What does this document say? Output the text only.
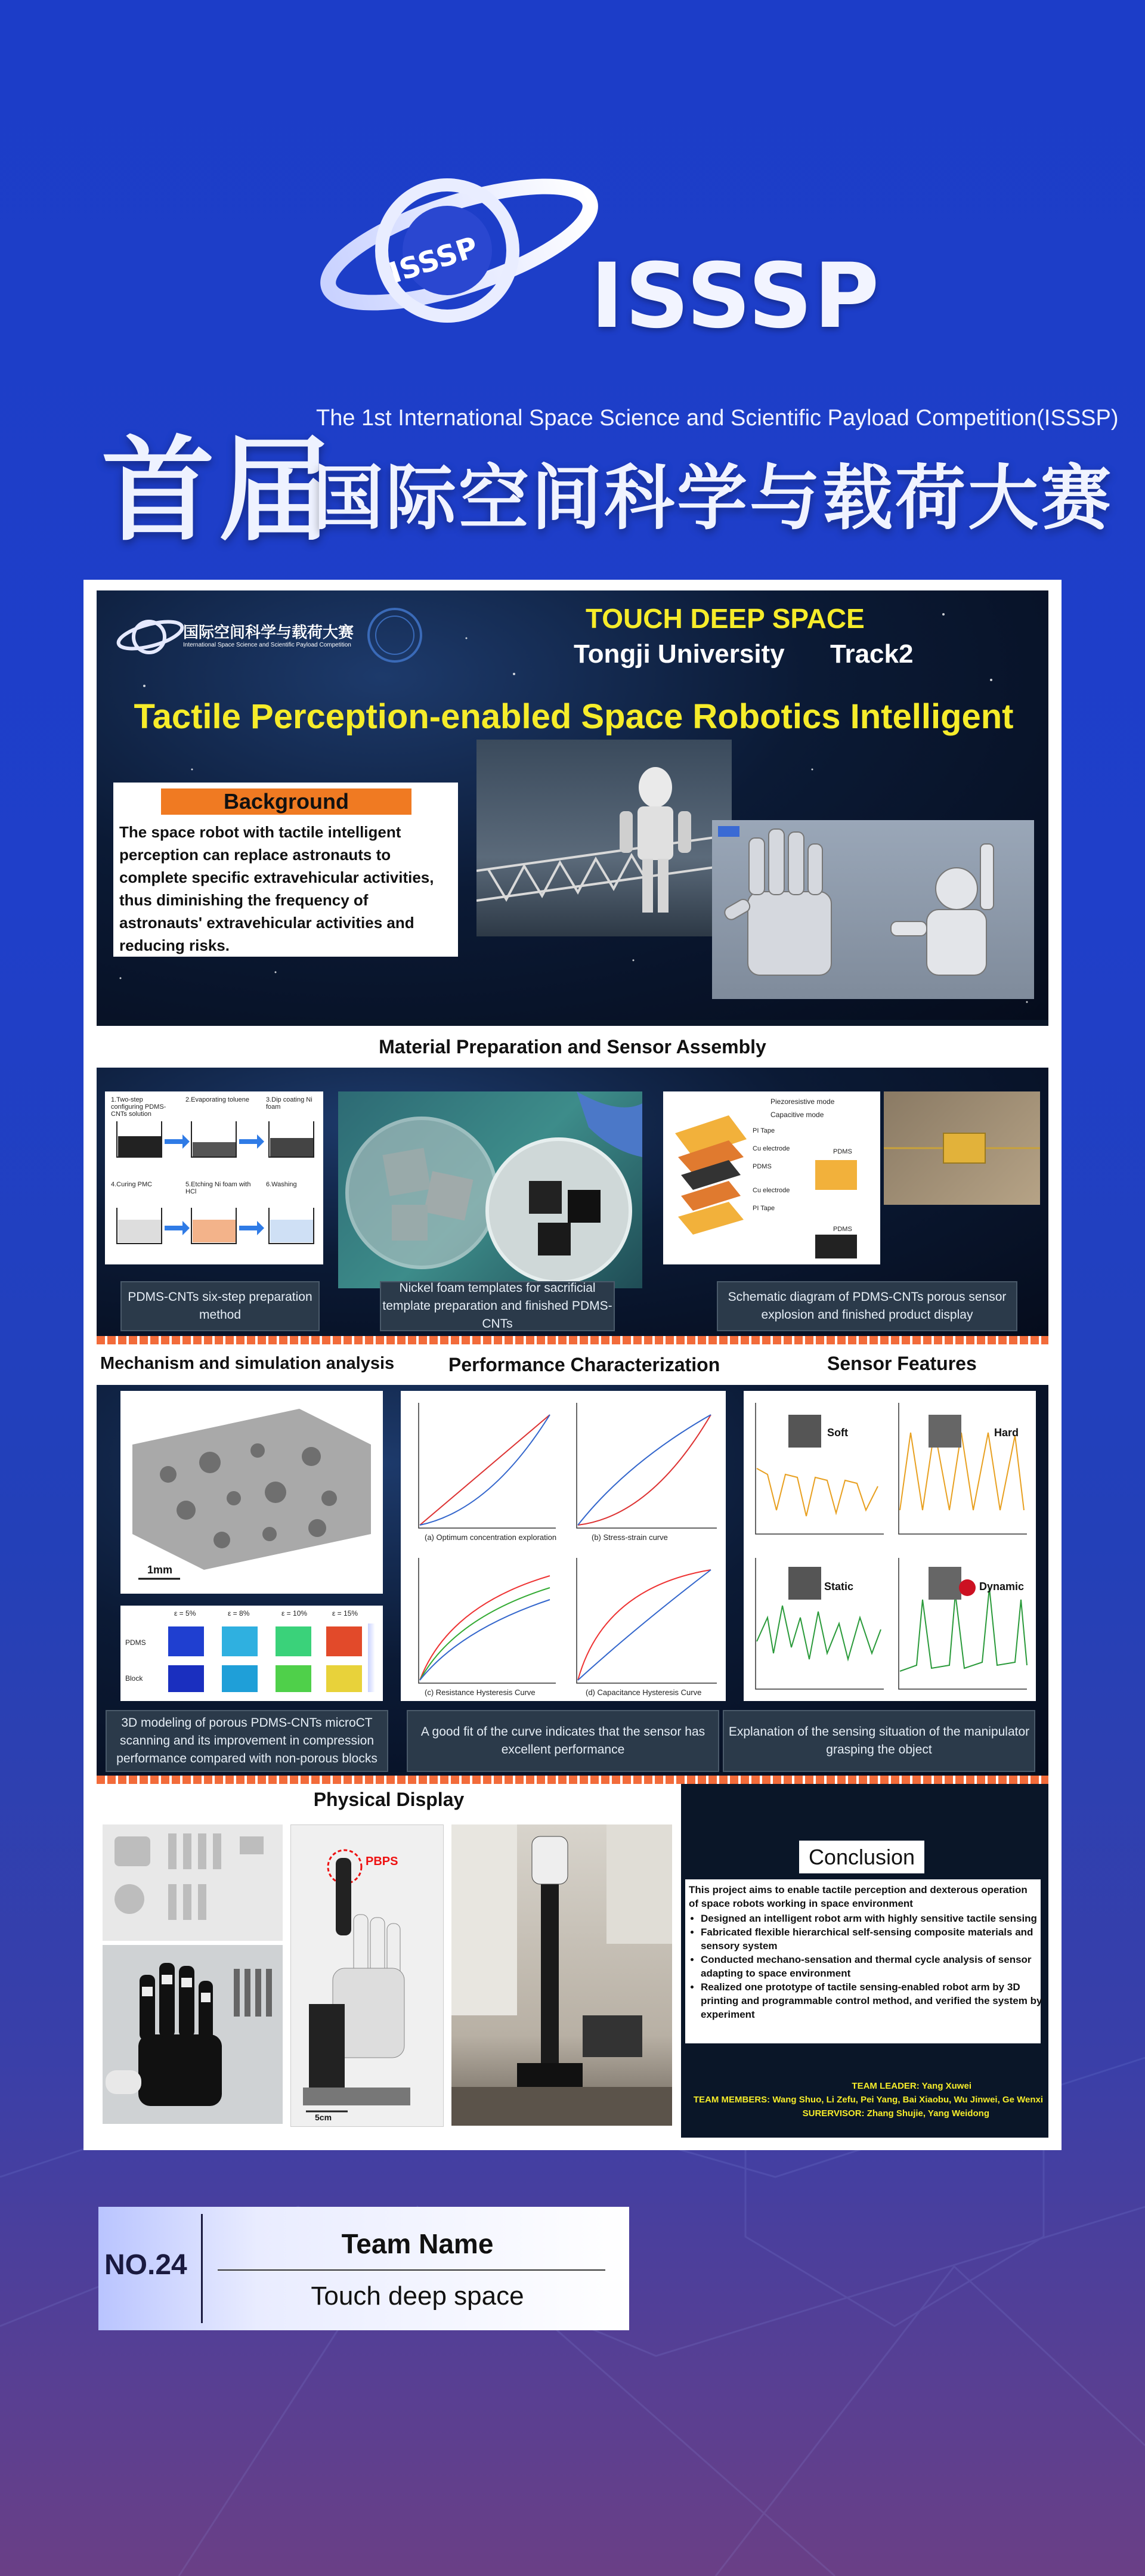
ISSSP ISSSP
首届
The 1st International Space Science and Scientific Payload Competition(ISSSP)
国际空间科学与载荷大赛
国际空间科学与载荷大赛
International Space Science and Scientific Payload Competition
TOUCH DEEP SPACE
Tongji University Track2
Tactile Perception-enabled Space Robotics Intelligent
Background
The space robot with tactile intelligent perception can replace astronauts to complete specific extravehicular activities, thus diminishing the frequency of astronauts' extravehicular activities and reducing risks.
Material Preparation and Sensor Assembly
1.Two-step configuring PDMS-CNTs solution
2.Evaporating toluene	3.Dip coating Ni foam
4.Curing PMC	5.Etching Ni foam with HCl
6.Washing
Piezoresistive mode
Capacitive mode
PI Tape
Cu electrode
PDMS
Cu electrode
PI Tape
PDMS
PDMS
PDMS-CNTs six-step preparation method
Nickel foam templates for sacrificial template preparation and finished PDMS-CNTs
Schematic diagram of PDMS-CNTs porous sensor explosion and finished product display
Mechanism and simulation analysis	Performance Characterization	Sensor Features
1mm
ε = 5%	ε = 8%	ε = 10%	ε = 15%
PDMS
Block
(a) Optimum concentration exploration	(b) Stress-strain curve
(c) Resistance Hysteresis Curve	(d) Capacitance Hysteresis Curve
Soft	Hard
Static	Dynamic
3D modeling of porous PDMS-CNTs microCT scanning and its improvement in compression performance compared with non-porous blocks
A good fit of the curve indicates that the sensor has excellent performance
Explanation of the sensing situation of the manipulator grasping the object
Physical Display
PBPS
5cm
Conclusion
This project aims to enable tactile perception and dexterous operation of space robots working in space environment
• Designed an intelligent robot arm with highly sensitive tactile sensing
• Fabricated flexible hierarchical self-sensing composite materials and sensory system
• Conducted mechano-sensation and thermal cycle analysis of sensor adapting to space environment
• Realized one prototype of tactile sensing-enabled robot arm by 3D printing and programmable control method, and verified the system by experiment
TEAM LEADER: Yang Xuwei
TEAM MEMBERS: Wang Shuo, Li Zefu, Pei Yang, Bai Xiaobu, Wu Jinwei, Ge Wenxi
SURERVISOR: Zhang Shujie, Yang Weidong
NO.24
Team Name
Touch deep space
